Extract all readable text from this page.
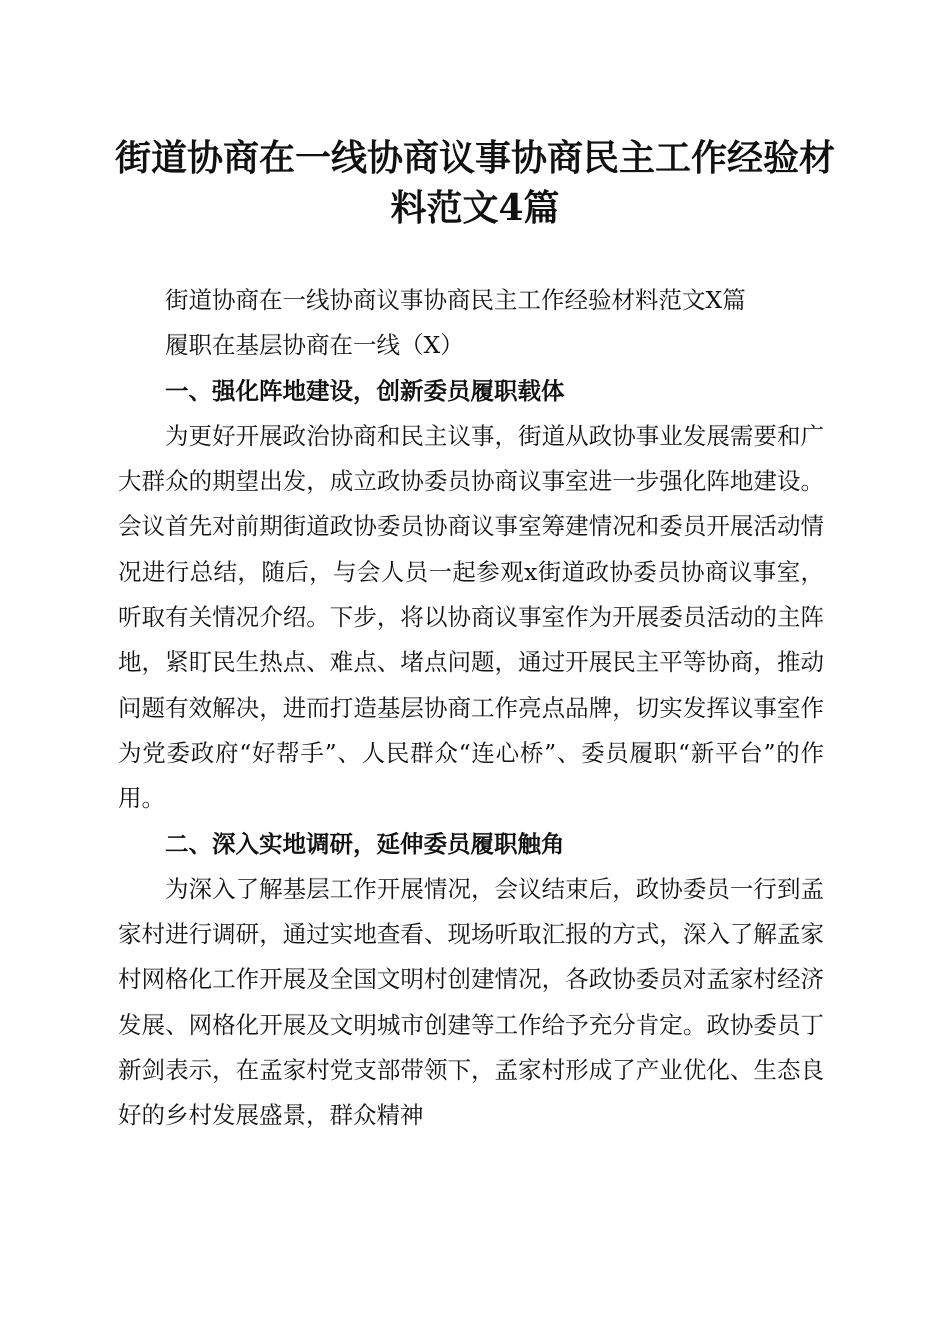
街道协商在一线协商议事协商民主工作经验材料范文4篇

街道协商在一线协商议事协商民主工作经验材料范文X篇

履职在基层协商在一线（X）

一、强化阵地建设，创新委员履职载体

为更好开展政治协商和民主议事，街道从政协事业发展需要和广大群众的期望出发，成立政协委员协商议事室进一步强化阵地建设。会议首先对前期街道政协委员协商议事室筹建情况和委员开展活动情况进行总结，随后，与会人员一起参观x街道政协委员协商议事室，听取有关情况介绍。下步，将以协商议事室作为开展委员活动的主阵地，紧盯民生热点、难点、堵点问题，通过开展民主平等协商，推动问题有效解决，进而打造基层协商工作亮点品牌，切实发挥议事室作为党委政府“好帮手”、人民群众“连心桥”、委员履职“新平台”的作用。

二、深入实地调研，延伸委员履职触角

为深入了解基层工作开展情况，会议结束后，政协委员一行到孟家村进行调研，通过实地查看、现场听取汇报的方式，深入了解孟家村网格化工作开展及全国文明村创建情况，各政协委员对孟家村经济发展、网格化开展及文明城市创建等工作给予充分肯定。政协委员丁新剑表示，在孟家村党支部带领下，孟家村形成了产业优化、生态良好的乡村发展盛景，群众精神
